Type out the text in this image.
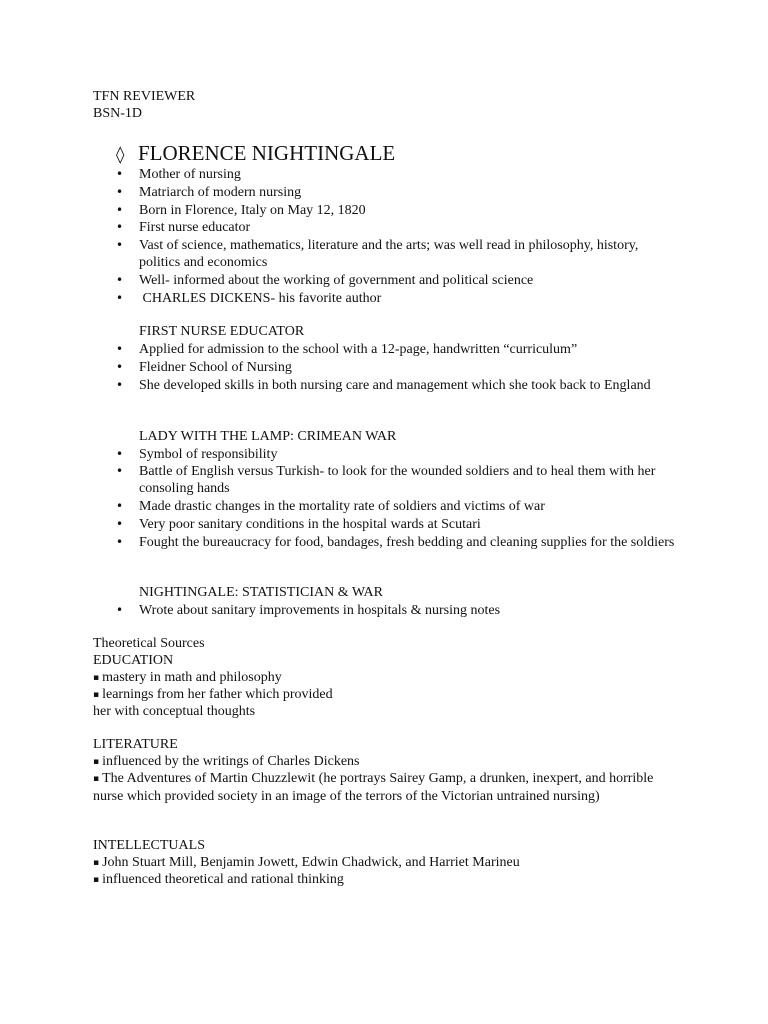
TFN REVIEWER
BSN-1D
◊ FLORENCE NIGHTINGALE
• Mother of nursing
• Matriarch of modern nursing
• Born in Florence, Italy on May 12, 1820
• First nurse educator
• Vast of science, mathematics, literature and the arts; was well read in philosophy, history, politics and economics
• Well- informed about the working of government and political science
• CHARLES DICKENS- his favorite author
FIRST NURSE EDUCATOR
• Applied for admission to the school with a 12-page, handwritten “curriculum”
• Fleidner School of Nursing
• She developed skills in both nursing care and management which she took back to England
LADY WITH THE LAMP: CRIMEAN WAR
• Symbol of responsibility
• Battle of English versus Turkish- to look for the wounded soldiers and to heal them with her consoling hands
• Made drastic changes in the mortality rate of soldiers and victims of war
• Very poor sanitary conditions in the hospital wards at Scutari
• Fought the bureaucracy for food, bandages, fresh bedding and cleaning supplies for the soldiers
NIGHTINGALE: STATISTICIAN & WAR
• Wrote about sanitary improvements in hospitals & nursing notes
Theoretical Sources
EDUCATION
▪ mastery in math and philosophy
▪ learnings from her father which provided
her with conceptual thoughts
LITERATURE
▪ influenced by the writings of Charles Dickens
▪ The Adventures of Martin Chuzzlewit (he portrays Sairey Gamp, a drunken, inexpert, and horrible nurse which provided society in an image of the terrors of the Victorian untrained nursing)
INTELLECTUALS
▪ John Stuart Mill, Benjamin Jowett, Edwin Chadwick, and Harriet Marineu
▪ influenced theoretical and rational thinking
